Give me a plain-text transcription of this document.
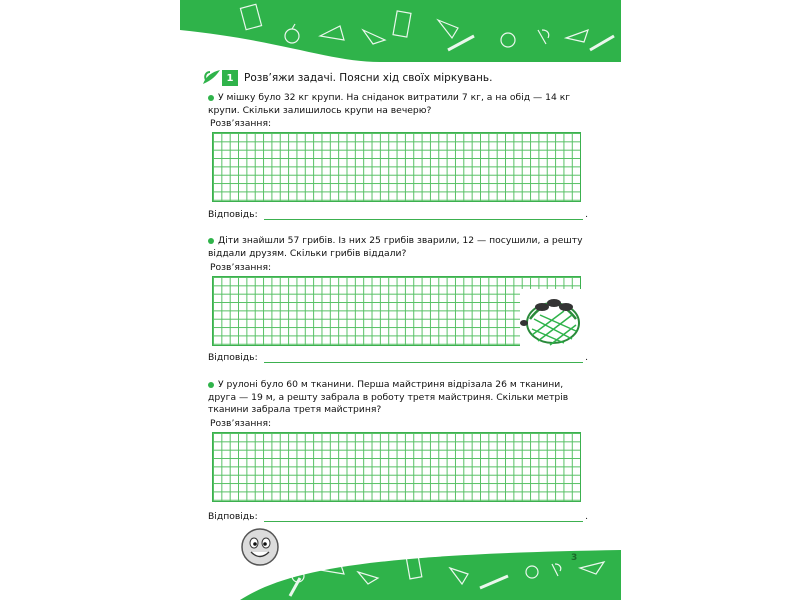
1	Розв’яжи задачі. Поясни хід своїх міркувань.
У мішку було 32 кг крупи. На сніданок витратили 7 кг, а на обід — 14 кг
крупи. Скільки залишилось крупи на вечерю?
Розв’язання:
Відповідь:	.
Діти знайшли 57 грибів. Із них 25 грибів зварили, 12 — посушили, а решту
віддали друзям. Скільки грибів віддали?
Розв’язання:
Відповідь:	.
У рулоні було 60 м тканини. Перша майстриня відрізала 26 м тканини,
друга — 19 м, а решту забрала в роботу третя майстриня. Скільки метрів
тканини забрала третя майстриня?
Розв’язання:
Відповідь:	.
3
